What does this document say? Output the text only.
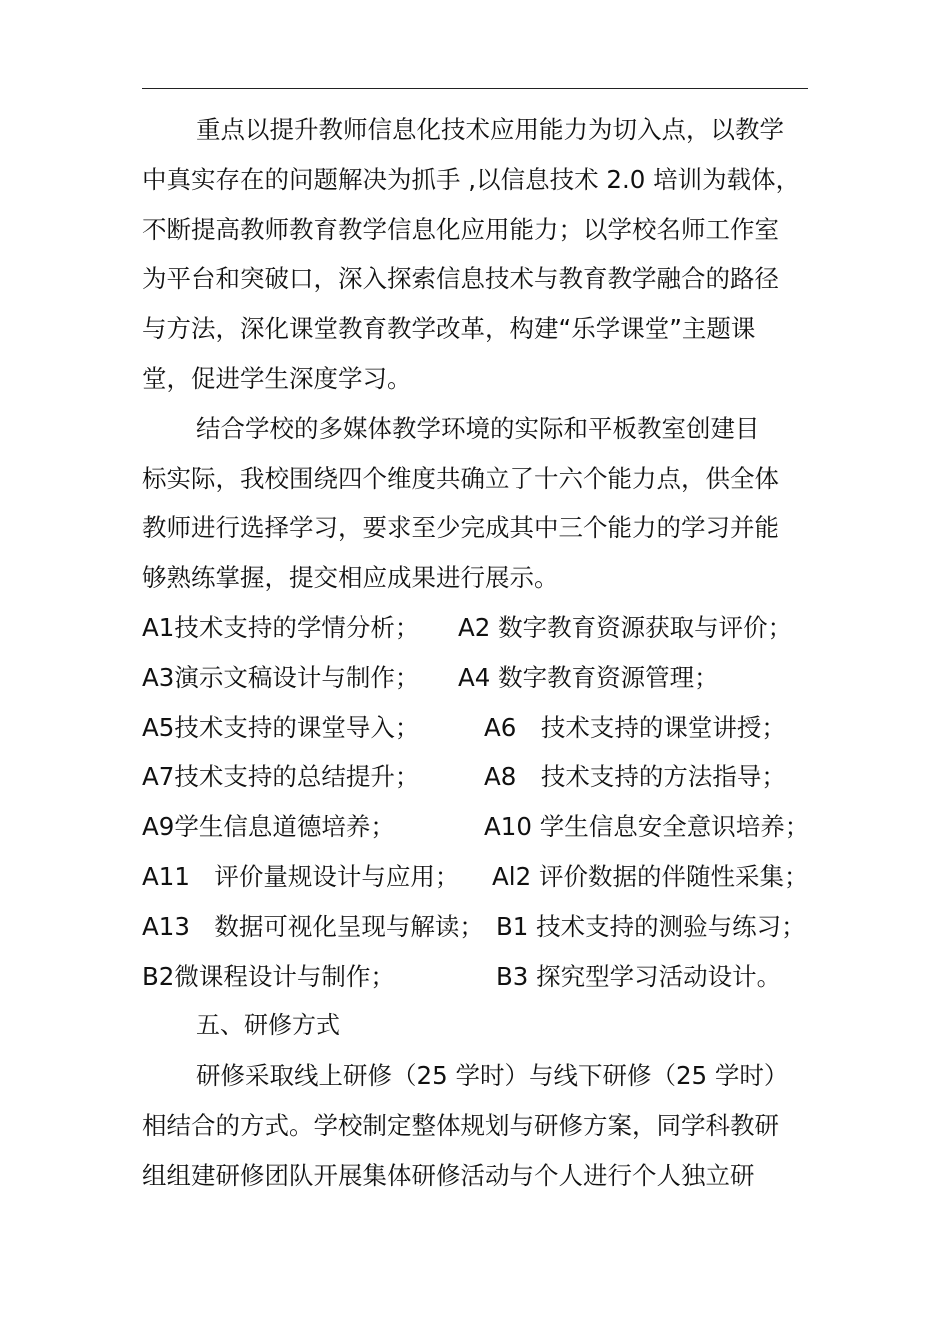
重点以提升教师信息化技术应用能力为切入点，以教学
中真实存在的问题解决为抓手 ,以信息技术 2.0 培训为载体，
不断提高教师教育教学信息化应用能力；以学校名师工作室
为平台和突破口，深入探索信息技术与教育教学融合的路径
与方法，深化课堂教育教学改革，构建“乐学课堂”主题课
堂，促进学生深度学习。
结合学校的多媒体教学环境的实际和平板教室创建目
标实际，我校围绕四个维度共确立了十六个能力点，供全体
教师进行选择学习，要求至少完成其中三个能力的学习并能
够熟练掌握，提交相应成果进行展示。
A1技术支持的学情分析； A2 数字教育资源获取与评价；
A3演示文稿设计与制作； A4 数字教育资源管理；
A5技术支持的课堂导入；	A6　技术支持的课堂讲授；
A7技术支持的总结提升；	A8　技术支持的方法指导；
A9学生信息道德培养；	A10 学生信息安全意识培养；
A11　评价量规设计与应用； Al2 评价数据的伴随性采集；
A13　数据可视化呈现与解读； B1 技术支持的测验与练习；
B2微课程设计与制作；	B3 探究型学习活动设计。
五、研修方式
研修采取线上研修（25 学时）与线下研修（25 学时）
相结合的方式。学校制定整体规划与研修方案，同学科教研
组组建研修团队开展集体研修活动与个人进行个人独立研
